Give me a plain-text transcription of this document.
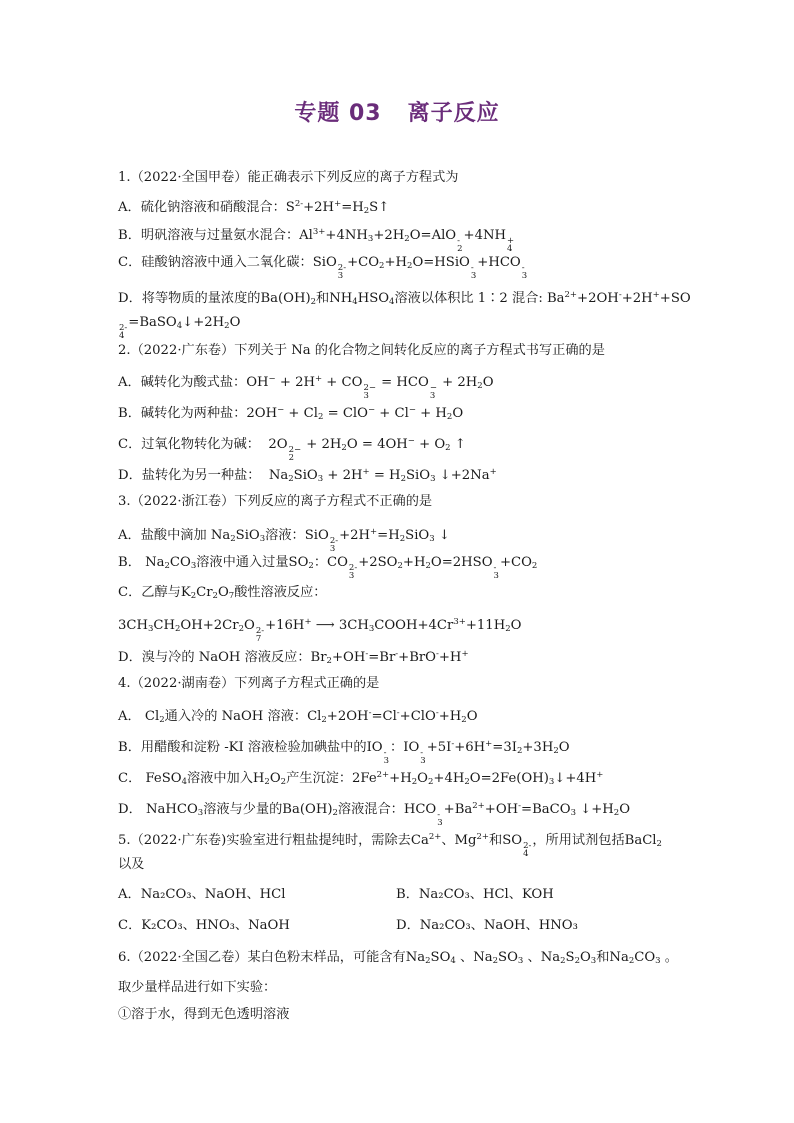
专题 03 离子反应
1.（2022·全国甲卷）能正确表示下列反应的离子方程式为
A．硫化钠溶液和硝酸混合：$S^{2-}+2H^+=H_2S↑$
B．明矾溶液与过量氨水混合：$Al^{3+}+4NH_3+2H_2O=AlO$ -
2
+4NH +
4
C．硅酸钠溶液中通入二氧化碳：SiO 2-
3
$+CO_2+H_2O=HSiO$ -
3
+HCO -
3
D．将等物质的量浓度的$Ba(OH)_2$和$NH_4HSO_4$溶液以体积比 1∶2 混合: $Ba^{2+}+2OH^-+2H^++SO$
2-
4
$=BaSO_4↓+2H_2O$
2.（2022·广东卷）下列关于 Na 的化合物之间转化反应的离子方程式书写正确的是
A．碱转化为酸式盐：OH− + 2H+ + CO 2−
3
= HCO −
3
+ $2H_2O$
B．碱转化为两种盐：$2OH^- + Cl_2 = ClO^- + Cl^- + H_2O$
C．过氧化物转化为碱：  2O 2−
2
+ $2H_2O = 4OH^- + O_2$ ↑
D．盐转化为另一种盐：  $Na_2SiO_3 + 2H^+ = H_2SiO_3$ ↓+2Na+
3.（2022·浙江卷）下列反应的离子方程式不正确的是
A．盐酸中滴加 $Na_2SiO_3$溶液：SiO 2-
3
$+2H^+=H_2SiO_3$ ↓
B． $Na_2CO_3$溶液中通入过量$SO_2$：CO 2-
3
$+2SO_2+H_2O=2HSO$ -
3
$+CO_2$
C．乙醇与$K_2Cr_2O_7$酸性溶液反应：
$3CH_3CH_2OH+2Cr_2O$ 2-
7
+16H+ ⟶ $3CH_3COOH+4Cr^{3+}+11H_2O$
D．溴与冷的 NaOH 溶液反应：$Br_2+OH^-=Br^-+BrO^-+H^+$
4.（2022·湖南卷）下列离子方程式正确的是
A． $Cl_2$通入冷的 NaOH 溶液：$Cl_2+2OH^-=Cl^-+ClO^-+H_2O$
B．用醋酸和淀粉 -KI 溶液检验加碘盐中的IO -
3
：IO -
3
$+5I^-+6H^+=3I_2+3H_2O$
C． FeSO$_4$溶液中加入$H_2O_2$产生沉淀：$2Fe^{2+}+H_2O_2+4H_2O=2Fe(OH)_3↓+4H^+$
D． NaHCO$_3$溶液与少量的$Ba(OH)_2$溶液混合：HCO -
3
$+Ba^{2+}+OH^-=BaCO_3$ $↓+H_2O$
5.（2022·广东卷)实验室进行粗盐提纯时，需除去$Ca^{2+}$、$Mg^{2+}$和SO 2-
4
，所用试剂包括BaCl$_2$
以及
A．Na₂CO₃、NaOH、HCl	B．Na₂CO₃、HCl、KOH
C．K₂CO₃、HNO₃、NaOH	D．Na₂CO₃、NaOH、HNO₃
6.（2022·全国乙卷）某白色粉末样品，可能含有$Na_2SO_4$ 、$Na_2SO_3$ 、$Na_2S_2O_3$和$Na_2CO_3$ 。
取少量样品进行如下实验：
①溶于水，得到无色透明溶液
